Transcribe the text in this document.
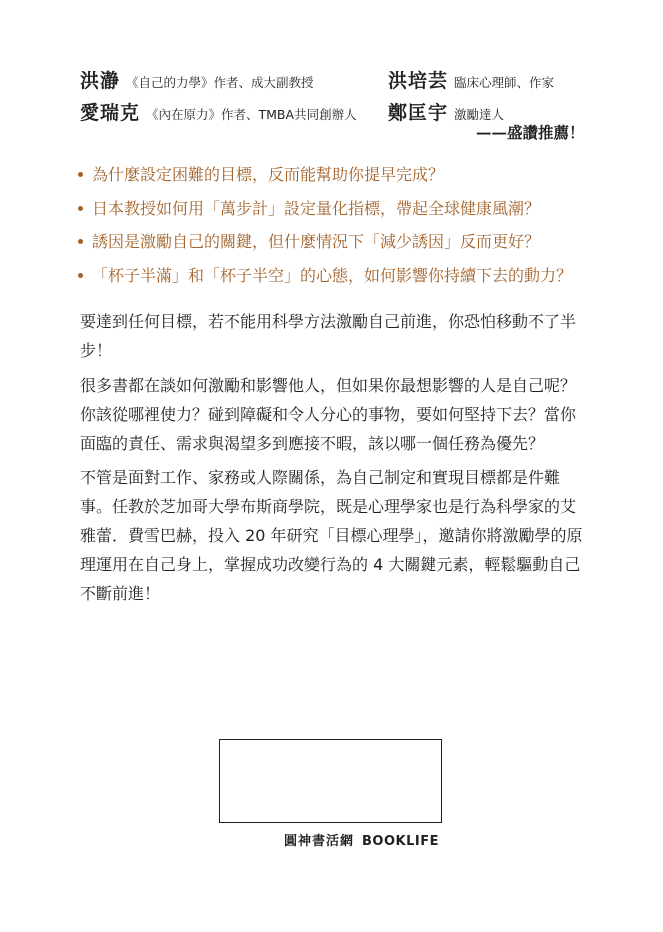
洪瀞 《自己的力學》作者、成大副教授	洪培芸 臨床心理師、作家
愛瑞克 《內在原力》作者、TMBA共同創辦人 鄭匡宇 激勵達人
——盛讚推薦！
為什麼設定困難的目標，反而能幫助你提早完成？
日本教授如何用「萬步計」設定量化指標，帶起全球健康風潮？
誘因是激勵自己的關鍵，但什麼情況下「減少誘因」反而更好？
「杯子半滿」和「杯子半空」的心態，如何影響你持續下去的動力？

要達到任何目標，若不能用科學方法激勵自己前進，你恐怕移動不了半步！

很多書都在談如何激勵和影響他人，但如果你最想影響的人是自己呢？你該從哪裡使力？碰到障礙和令人分心的事物，要如何堅持下去？當你面臨的責任、需求與渴望多到應接不暇，該以哪一個任務為優先？

不管是面對工作、家務或人際關係，為自己制定和實現目標都是件難事。任教於芝加哥大學布斯商學院，既是心理學家也是行為科學家的艾雅蕾．費雪巴赫，投入 20 年研究「目標心理學」，邀請你將激勵學的原理運用在自己身上，掌握成功改變行為的 4 大關鍵元素，輕鬆驅動自己不斷前進！

圓神書活網 BOOKLIFE
